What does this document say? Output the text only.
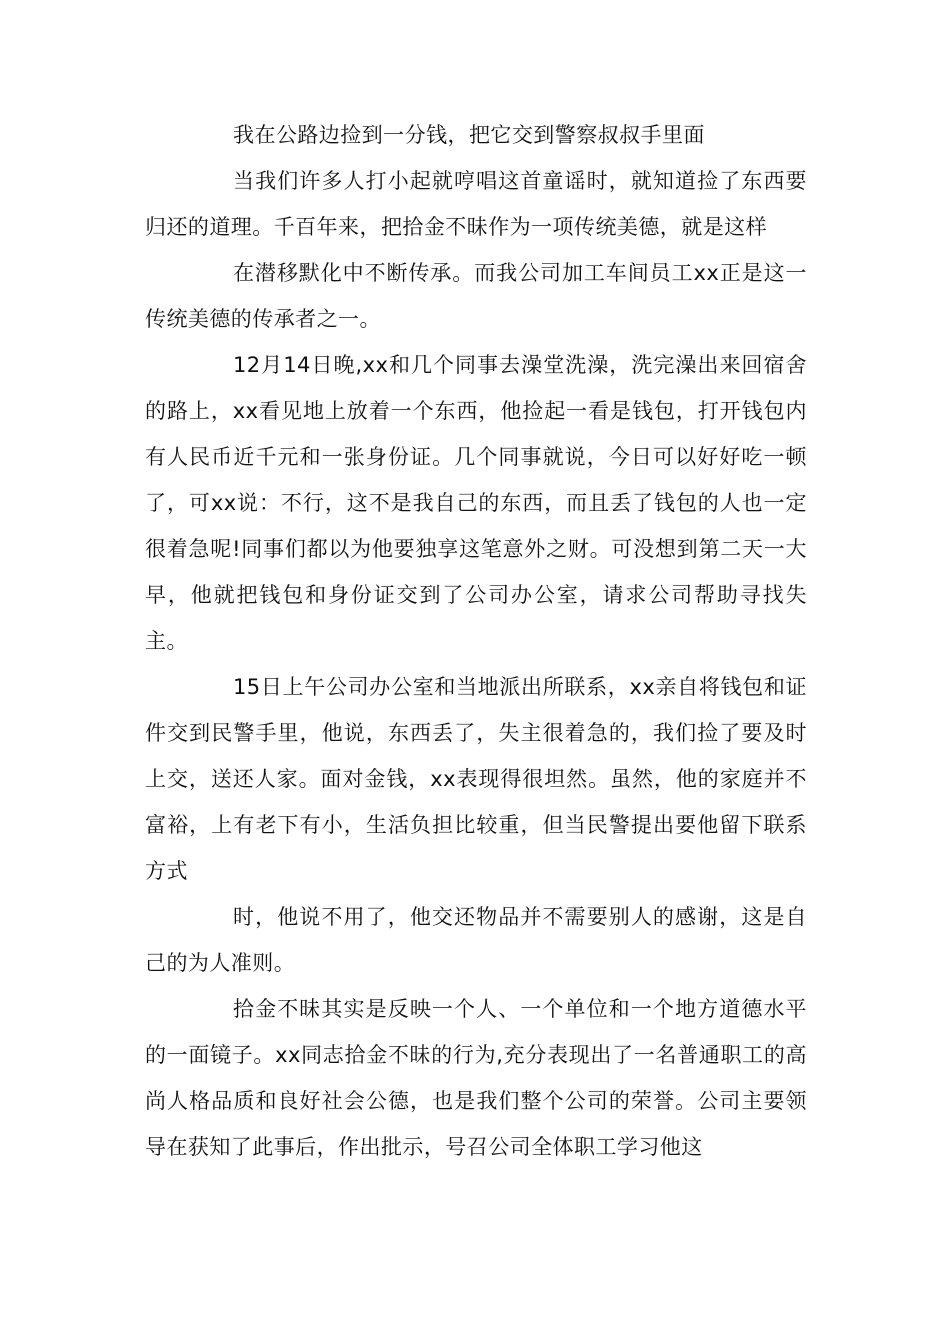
我在公路边捡到一分钱，把它交到警察叔叔手里面

当我们许多人打小起就哼唱这首童谣时，就知道捡了东西要归还的道理。千百年来，把拾金不昧作为一项传统美德，就是这样

在潜移默化中不断传承。而我公司加工车间员工xx正是这一传统美德的传承者之一。

12月14日晚,xx和几个同事去澡堂洗澡，洗完澡出来回宿舍的路上，xx看见地上放着一个东西，他捡起一看是钱包，打开钱包内有人民币近千元和一张身份证。几个同事就说，今日可以好好吃一顿了，可xx说：不行，这不是我自己的东西，而且丢了钱包的人也一定很着急呢!同事们都以为他要独享这笔意外之财。可没想到第二天一大早，他就把钱包和身份证交到了公司办公室，请求公司帮助寻找失主。

15日上午公司办公室和当地派出所联系，xx亲自将钱包和证件交到民警手里，他说，东西丢了，失主很着急的，我们捡了要及时上交，送还人家。面对金钱，xx表现得很坦然。虽然，他的家庭并不富裕，上有老下有小，生活负担比较重，但当民警提出要他留下联系方式

时，他说不用了，他交还物品并不需要别人的感谢，这是自己的为人准则。

拾金不昧其实是反映一个人、一个单位和一个地方道德水平的一面镜子。xx同志拾金不昧的行为,充分表现出了一名普通职工的高尚人格品质和良好社会公德，也是我们整个公司的荣誉。公司主要领导在获知了此事后，作出批示，号召公司全体职工学习他这
